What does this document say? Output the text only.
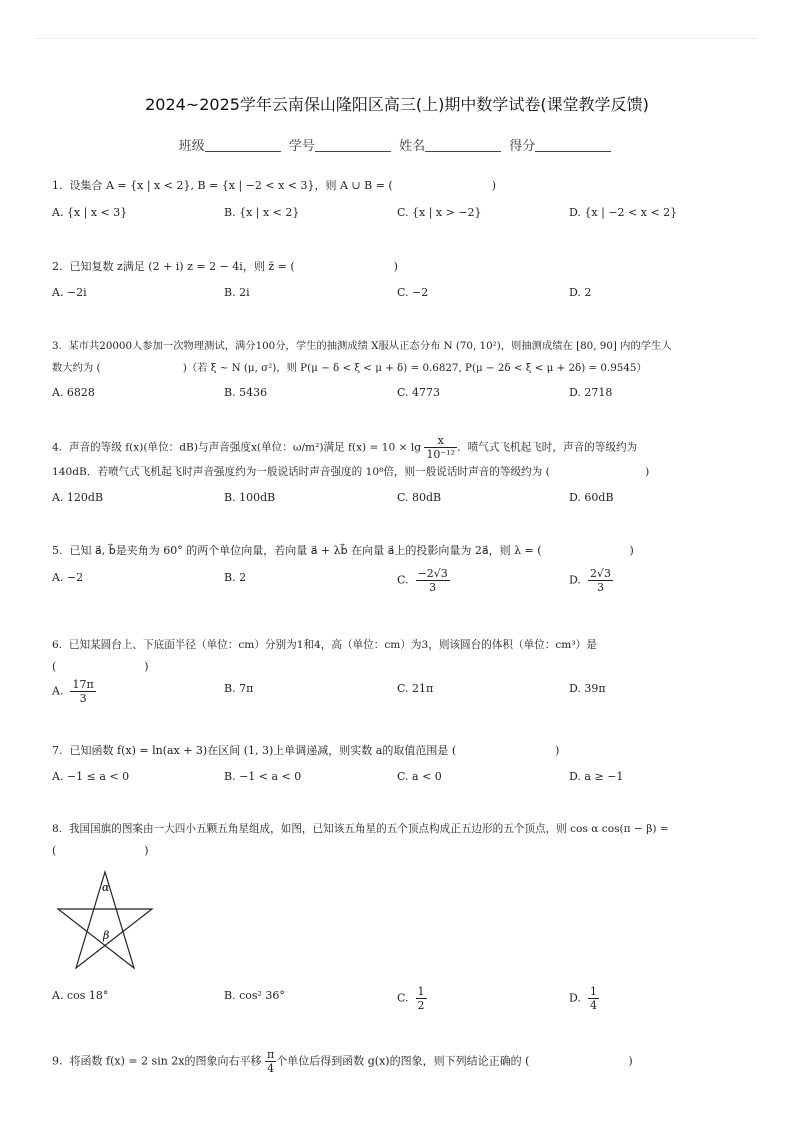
2024~2025学年云南保山隆阳区高三(上)期中数学试卷(课堂教学反馈)
班级	学号	姓名	得分
1. 设集合 A = {x | x < 2}, B = {x | −2 < x < 3}，则 A ∪ B = (　　　　　　　　　)
A. {x | x < 3}	B. {x | x < 2}	C. {x | x > −2}	D. {x | −2 < x < 2}
2. 已知复数 z满足 (2 + i) z = 2 − 4i，则 z̄ = (　　　　　　　　　)
A. −2i	B. 2i	C. −2	D. 2
3. 某市共20000人参加一次物理测试，满分100分，学生的抽测成绩 X服从正态分布 N (70, 10²)，则抽测成绩在 [80, 90] 内的学生人
数大约为 (　　　　　　　　)（若 ξ ∼ N (μ, σ²)，则 P(μ − δ < ξ < μ + δ) = 0.6827, P(μ − 2δ < ξ < μ + 2δ) = 0.9545）
A. 6828	B. 5436	C. 4773	D. 2718
4. 声音的等级 f(x)(单位：dB)与声音强度x(单位：ω/m²)满足 $f(x) = 10 \times \lg \frac{x}{\text{10⁻¹²}}$ ．喷气式飞机起飞时，声音的等级约为
140dB．若喷气式飞机起飞时声音强度约为一般说话时声音强度的 10⁸倍，则一般说话时声音的等级约为 (　　　　　　　　　)
A. 120dB	B. 100dB	C. 80dB	D. 60dB
5. 已知 a⃗, b⃗是夹角为 60° 的两个单位向量，若向量 a⃗ + λb⃗ 在向量 a⃗上的投影向量为 2a⃗，则 λ = (　　　　　　　　)
A. −2	B. 2	C. $\frac{-2√3}{3}$	D. $\frac{2√3}{3}$
6. 已知某圆台上、下底面半径（单位：cm）分别为1和4，高（单位：cm）为3，则该圆台的体积（单位：cm³）是
(　　　　　　　　)
A. $\frac{17\pi}{3}$	B. 7π	C. 21π	D. 39π
7. 已知函数 f(x) = ln(ax + 3)在区间 (1, 3)上单调递减，则实数 a的取值范围是 (　　　　　　　　　)
A. −1 ≤ a < 0	B. −1 < a < 0	C. a < 0	D. a ≥ −1
8. 我国国旗的图案由一大四小五颗五角星组成，如图，已知该五角星的五个顶点构成正五边形的五个顶点，则 cos α cos(π − β) =
(　　　　　　　　)
α
β
A. cos 18°	B. cos² 36°	C. $\frac{1}{2}$	D. $\frac{1}{4}$
9. 将函数 f(x) = 2 sin 2x的图象向右平移 $\frac{\pi}{4}$ 个单位后得到函数 g(x)的图象，则下列结论正确的 (　　　　　　　　　)
